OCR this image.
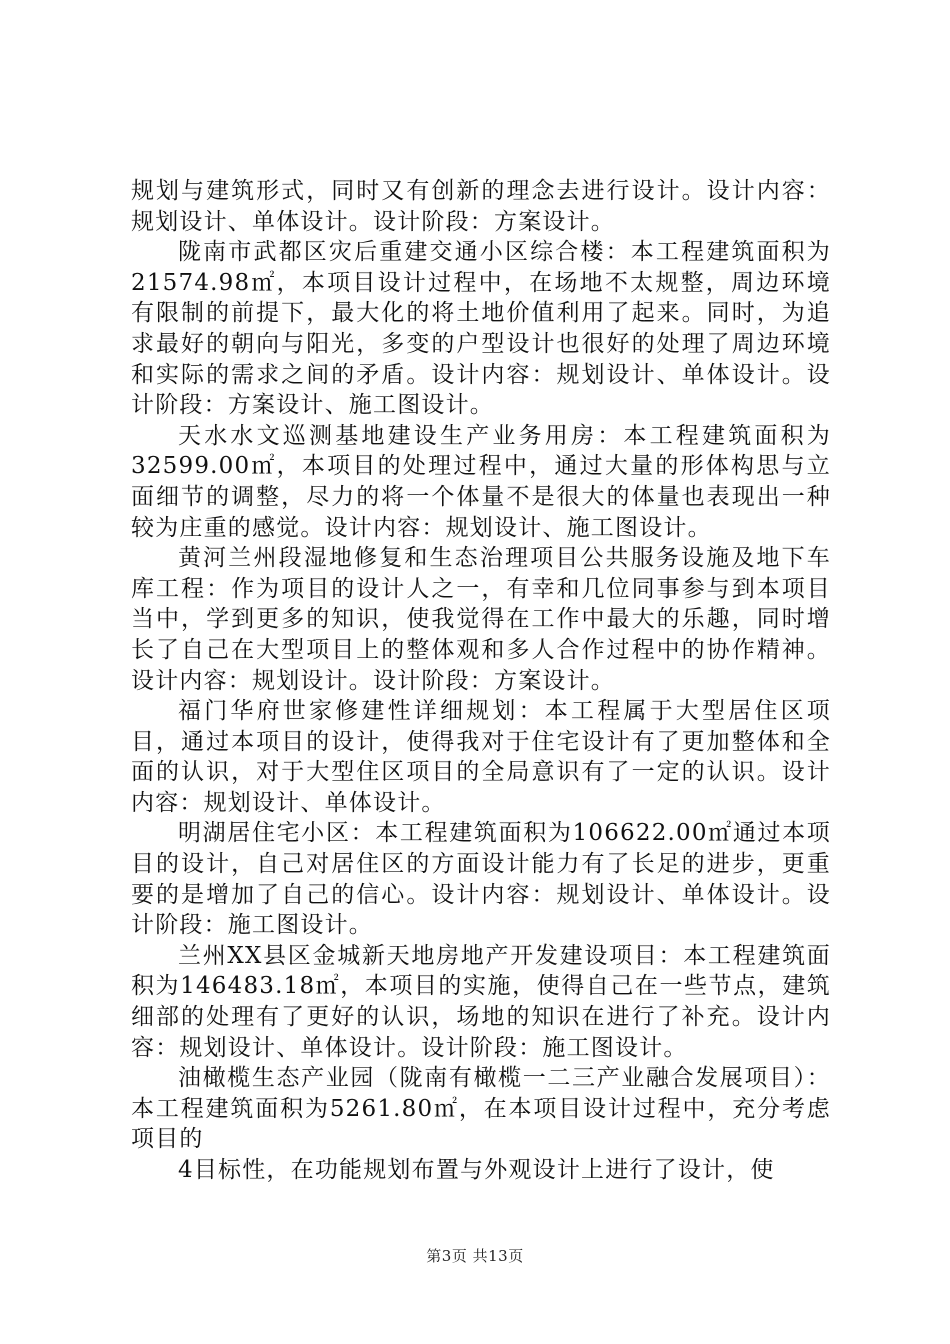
规划与建筑形式，同时又有创新的理念去进行设计。设计内容：规划设计、单体设计。设计阶段：方案设计。

陇南市武都区灾后重建交通小区综合楼：本工程建筑面积为21574.98㎡，本项目设计过程中，在场地不太规整，周边环境有限制的前提下，最大化的将土地价值利用了起来。同时，为追求最好的朝向与阳光，多变的户型设计也很好的处理了周边环境和实际的需求之间的矛盾。设计内容：规划设计、单体设计。设计阶段：方案设计、施工图设计。

天水水文巡测基地建设生产业务用房：本工程建筑面积为32599.00㎡，本项目的处理过程中，通过大量的形体构思与立面细节的调整，尽力的将一个体量不是很大的体量也表现出一种较为庄重的感觉。设计内容：规划设计、施工图设计。

黄河兰州段湿地修复和生态治理项目公共服务设施及地下车库工程：作为项目的设计人之一，有幸和几位同事参与到本项目当中，学到更多的知识，使我觉得在工作中最大的乐趣，同时增长了自己在大型项目上的整体观和多人合作过程中的协作精神。设计内容：规划设计。设计阶段：方案设计。

福门华府世家修建性详细规划：本工程属于大型居住区项目，通过本项目的设计，使得我对于住宅设计有了更加整体和全面的认识，对于大型住区项目的全局意识有了一定的认识。设计内容：规划设计、单体设计。

明湖居住宅小区：本工程建筑面积为106622.00㎡通过本项目的设计，自己对居住区的方面设计能力有了长足的进步，更重要的是增加了自己的信心。设计内容：规划设计、单体设计。设计阶段：施工图设计。

兰州XX县区金城新天地房地产开发建设项目：本工程建筑面积为146483.18㎡，本项目的实施，使得自己在一些节点，建筑细部的处理有了更好的认识，场地的知识在进行了补充。设计内容：规划设计、单体设计。设计阶段：施工图设计。

油橄榄生态产业园（陇南有橄榄一二三产业融合发展项目）：本工程建筑面积为5261.80㎡，在本项目设计过程中，充分考虑项目的

4目标性，在功能规划布置与外观设计上进行了设计，使

第3页 共13页
